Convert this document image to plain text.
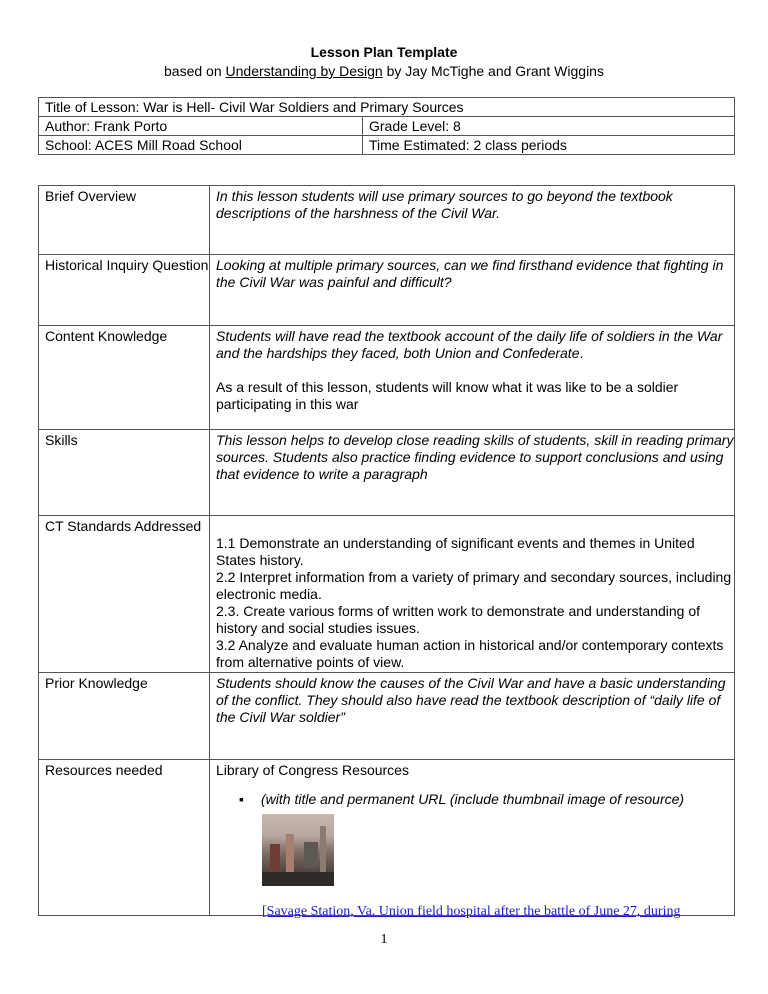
Lesson Plan Template
based on Understanding by Design by Jay McTighe and Grant Wiggins
Title of Lesson: War is Hell- Civil War Soldiers and Primary Sources	
Author: Frank Porto	Grade Level: 8
School: ACES Mill Road School	Time Estimated: 2 class periods
Brief Overview	In this lesson students will use primary sources to go beyond the textbook descriptions of the harshness of the Civil War.
Historical Inquiry Question	Looking at multiple primary sources, can we find firsthand evidence that fighting in the Civil War was painful and difficult?
Content Knowledge	Students will have read the textbook account of the daily life of soldiers in the War and the hardships they faced, both Union and Confederate.

As a result of this lesson, students will know what it was like to be a soldier participating in this war

Skills	This lesson helps to develop close reading skills of students, skill in reading primary sources. Students also practice finding evidence to support conclusions and using that evidence to write a paragraph
CT Standards Addressed	1.1 Demonstrate an understanding of significant events and themes in United States history.

2.2 Interpret information from a variety of primary and secondary sources, including electronic media.

2.3. Create various forms of written work to demonstrate and understanding of history and social studies issues.

3.2 Analyze and evaluate human action in historical and/or contemporary contexts from alternative points of view.

Prior Knowledge	Students should know the causes of the Civil War and have a basic understanding of the conflict. They should also have read the textbook description of “daily life of the Civil War soldier”
Resources needed	Library of Congress Resources

▪ (with title and permanent URL (include thumbnail image of resource)
[Savage Station, Va. Union field hospital after the battle of June 27, during
1
